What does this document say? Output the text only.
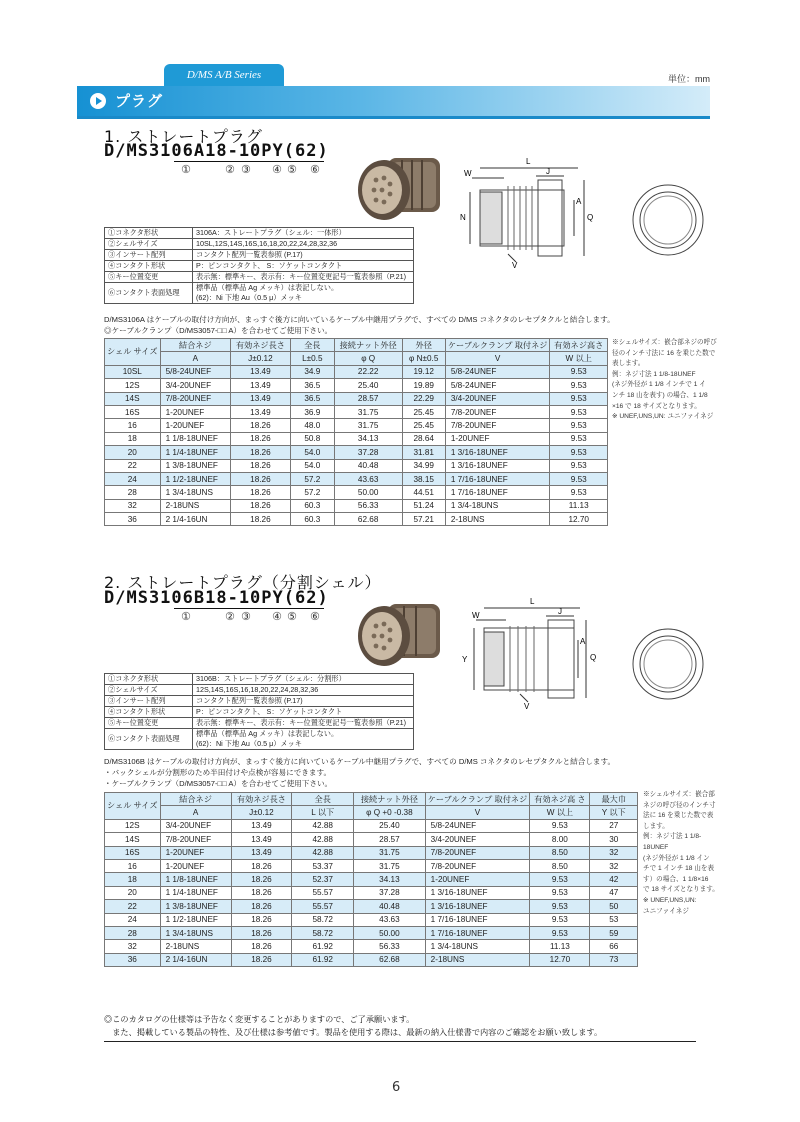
D/MS A/B Series	単位：mm
プラグ
1. ストレートプラグ
D/MS3106A18-10PY(62)
①	② ③ ④ ⑤ ⑥
L
W	J
N
A
Q
V
①コネクタ形状	3106A：ストレートプラグ（シェル：一体形）
②シェルサイズ	10SL,12S,14S,16S,16,18,20,22,24,28,32,36
③インサート配列	コンタクト配列一覧表参照 (P.17)
④コンタクト形状	P：ピンコンタクト、 S：ソケットコンタクト
⑤キー位置変更	表示無：標準キー、表示有：キー位置変更記号一覧表参照（P.21)
⑥コンタクト表面処理	標準品（標準品 Ag メッキ）は表記しない。
(62)：Ni 下地 Au（0.5 μ）メッキ
D/MS3106A はケーブルの取付け方向が、まっすぐ後方に向いているケーブル中継用プラグで、すべての D/MS コネクタのレセプタクルと結合します。
◎ケーブルクランプ（D/MS3057-□□ A）を合わせてご使用下さい。
シェル サイズ	結合ネジ	有効ネジ長さ	全長	接続ナット外径	外径	ケーブルクランプ 取付ネジ	有効ネジ高さ
	A	J±0.12	L±0.5	φ Q	φ N±0.5	V	W 以上
10SL	5/8-24UNEF	13.49	34.9	22.22	19.12	5/8-24UNEF	9.53
12S	3/4-20UNEF	13.49	36.5	25.40	19.89	5/8-24UNEF	9.53
14S	7/8-20UNEF	13.49	36.5	28.57	22.29	3/4-20UNEF	9.53
16S	1-20UNEF	13.49	36.9	31.75	25.45	7/8-20UNEF	9.53
16	1-20UNEF	18.26	48.0	31.75	25.45	7/8-20UNEF	9.53
18	1 1/8-18UNEF	18.26	50.8	34.13	28.64	1-20UNEF	9.53
20	1 1/4-18UNEF	18.26	54.0	37.28	31.81	1 3/16-18UNEF	9.53
22	1 3/8-18UNEF	18.26	54.0	40.48	34.99	1 3/16-18UNEF	9.53
24	1 1/2-18UNEF	18.26	57.2	43.63	38.15	1 7/16-18UNEF	9.53
28	1 3/4-18UNS	18.26	57.2	50.00	44.51	1 7/16-18UNEF	9.53
32	2-18UNS	18.26	60.3	56.33	51.24	1 3/4-18UNS	11.13
36	2 1/4-16UN	18.26	60.3	62.68	57.21	2-18UNS	12.70
※シェルサイズ：嵌合部ネジの呼び
径のインチ寸法に 16 を乗じた数で
表します。
例：ネジ寸法 1 1/8-18UNEF
(ネジ外径が 1 1/8 インチで 1 イ
ンチ 18 山を表す) の場合、1 1/8
×16 で 18 サイズとなります。
※ UNEF,UNS,UN: ユニファイネジ
2. ストレートプラグ（分割シェル）
D/MS3106B18-10PY(62)
①	② ③ ④ ⑤ ⑥
L
W	J
Y
A
Q
V
①コネクタ形状	3106B：ストレートプラグ（シェル：分割形）
②シェルサイズ	12S,14S,16S,16,18,20,22,24,28,32,36
③インサート配列	コンタクト配列一覧表参照 (P.17)
④コンタクト形状	P：ピンコンタクト、 S：ソケットコンタクト
⑤キー位置変更	表示無：標準キー、表示有：キー位置変更記号一覧表参照（P.21)
⑥コンタクト表面処理	標準品（標準品 Ag メッキ）は表記しない。
(62)：Ni 下地 Au（0.5 μ）メッキ
D/MS3106B はケーブルの取付け方向が、まっすぐ後方に向いているケーブル中継用プラグで、すべての D/MS コネクタのレセプタクルと結合します。
・バックシェルが分割形のため半田付けや点検が容易にできます。
・ケーブルクランプ（D/MS3057-□□ A）を合わせてご使用下さい。
シェル サイズ	結合ネジ	有効ネジ長さ	全長	接続ナット外径	ケーブルクランプ 取付ネジ	有効ネジ高 さ	最大巾
	A	J±0.12	L 以下	φ Q +0 -0.38	V	W 以上	Y 以下
12S	3/4-20UNEF	13.49	42.88	25.40	5/8-24UNEF	9.53	27
14S	7/8-20UNEF	13.49	42.88	28.57	3/4-20UNEF	8.00	30
16S	1-20UNEF	13.49	42.88	31.75	7/8-20UNEF	8.50	32
16	1-20UNEF	18.26	53.37	31.75	7/8-20UNEF	8.50	32
18	1 1/8-18UNEF	18.26	52.37	34.13	1-20UNEF	9.53	42
20	1 1/4-18UNEF	18.26	55.57	37.28	1 3/16-18UNEF	9.53	47
22	1 3/8-18UNEF	18.26	55.57	40.48	1 3/16-18UNEF	9.53	50
24	1 1/2-18UNEF	18.26	58.72	43.63	1 7/16-18UNEF	9.53	53
28	1 3/4-18UNS	18.26	58.72	50.00	1 7/16-18UNEF	9.53	59
32	2-18UNS	18.26	61.92	56.33	1 3/4-18UNS	11.13	66
36	2 1/4-16UN	18.26	61.92	62.68	2-18UNS	12.70	73
※シェルサイズ：嵌合部
ネジの呼び径のインチ寸
法に 16 を乗じた数で表
します。
例：ネジ寸法 1 1/8-
18UNEF
(ネジ外径が 1 1/8 イン
チで 1 インチ 18 山を表
す）の場合、1 1/8×16
で 18 サイズとなります。
※ UNEF,UNS,UN:
ユニファイネジ
◎このカタログの仕様等は予告なく変更することがありますので、ご了承願います。
　また、掲載している製品の特性、及び仕様は参考値です。製品を使用する際は、最新の納入仕様書で内容のご確認をお願い致します。
6
